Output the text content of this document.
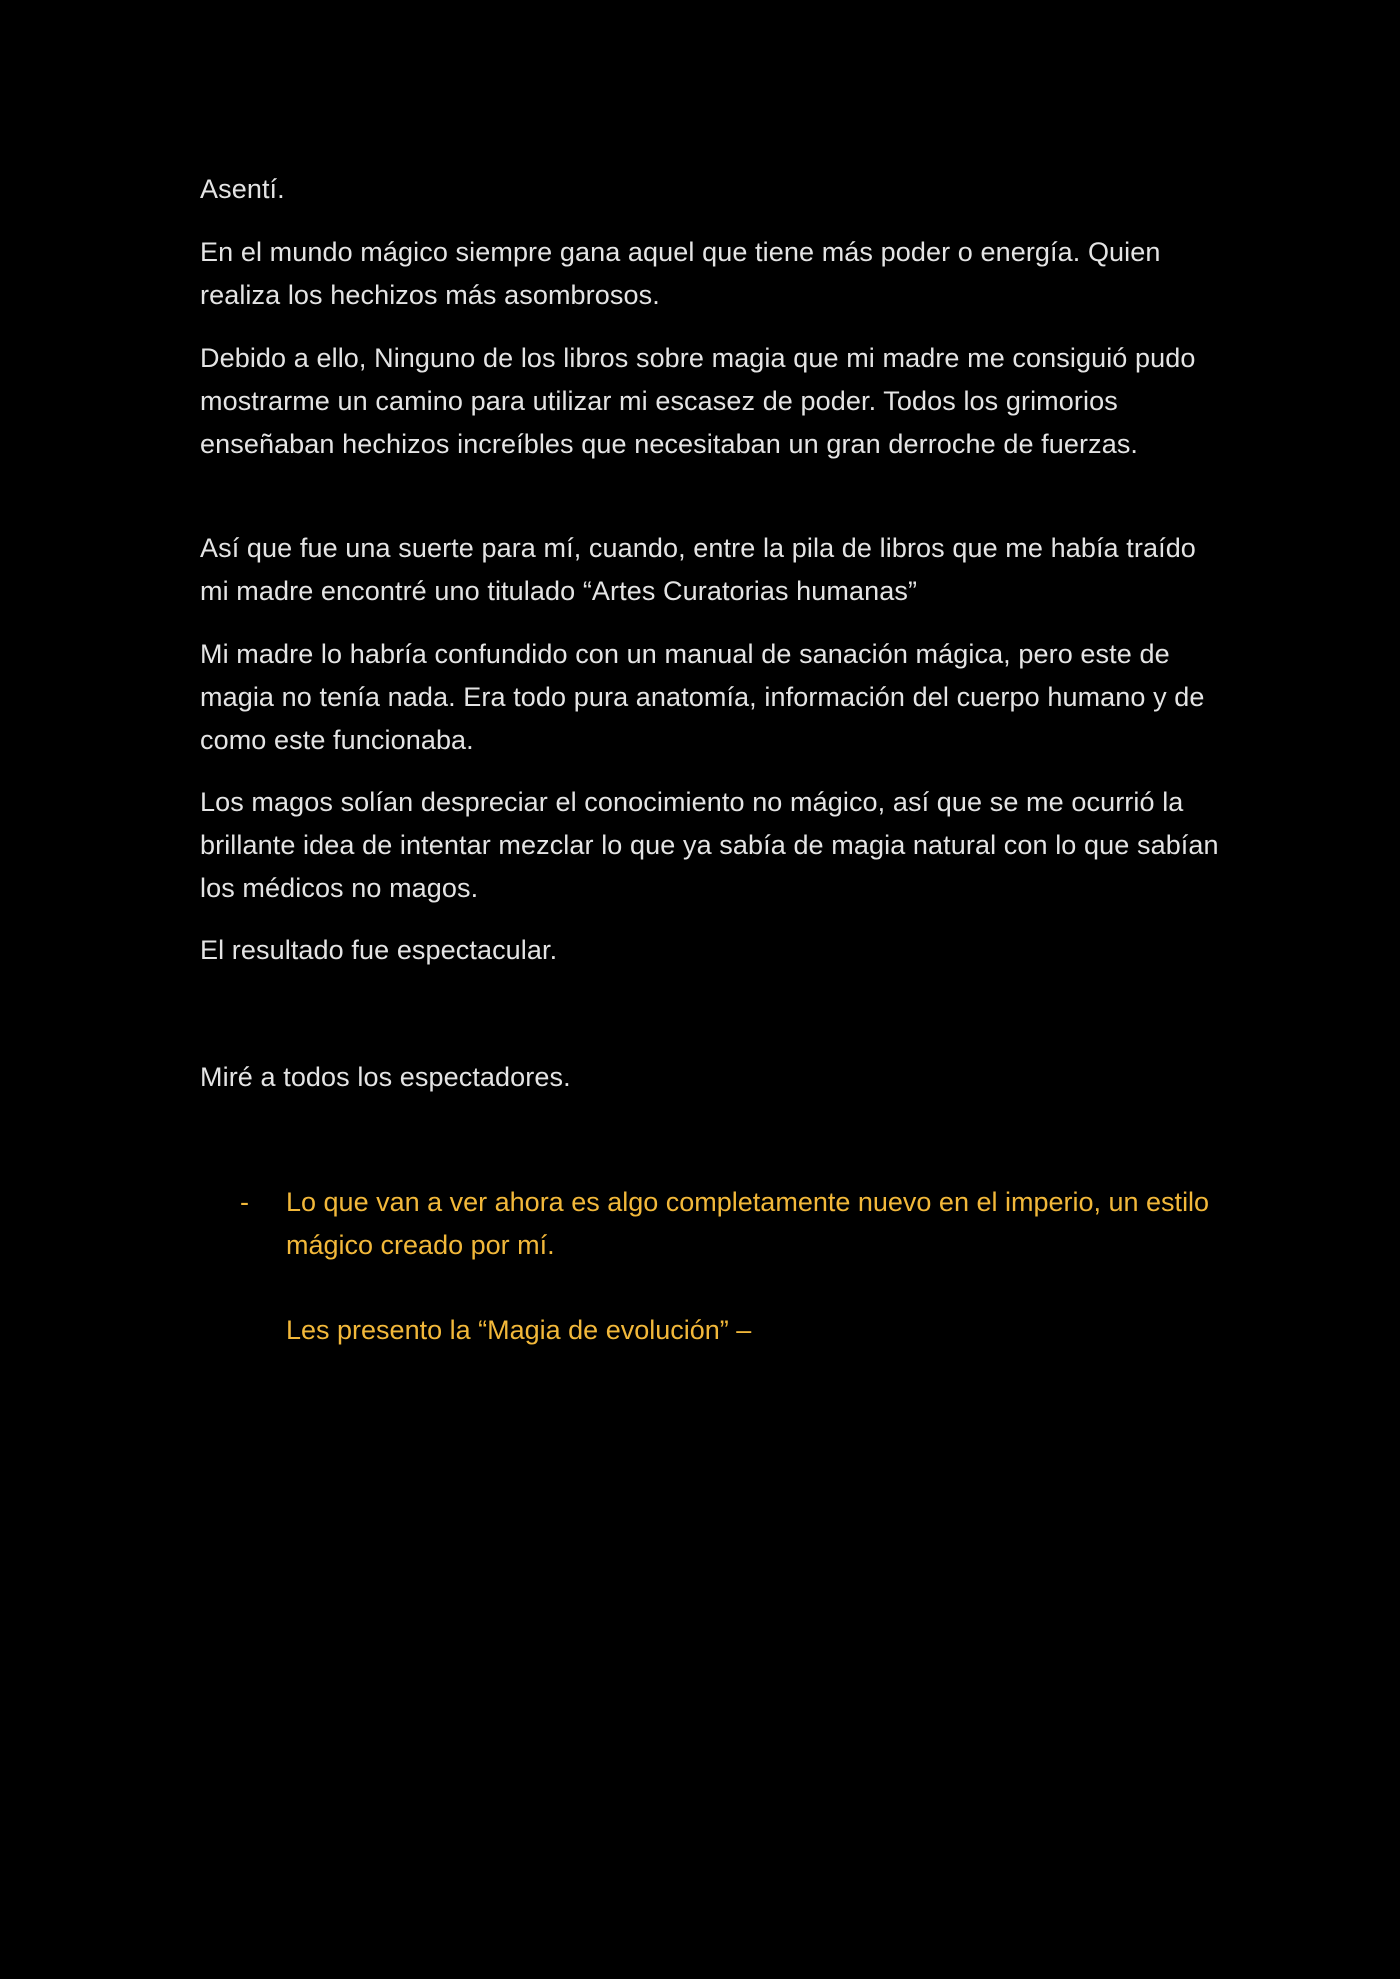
Asentí.

En el mundo mágico siempre gana aquel que tiene más poder o energía. Quien realiza los hechizos más asombrosos.

Debido a ello, Ninguno de los libros sobre magia que mi madre me consiguió pudo mostrarme un camino para utilizar mi escasez de poder. Todos los grimorios enseñaban hechizos increíbles que necesitaban un gran derroche de fuerzas.

Así que fue una suerte para mí, cuando, entre la pila de libros que me había traído mi madre encontré uno titulado “Artes Curatorias humanas”

Mi madre lo habría confundido con un manual de sanación mágica, pero este de magia no tenía nada. Era todo pura anatomía, información del cuerpo humano y de como este funcionaba.

Los magos solían despreciar el conocimiento no mágico, así que se me ocurrió la brillante idea de intentar mezclar lo que ya sabía de magia natural con lo que sabían los médicos no magos.

El resultado fue espectacular.

Miré a todos los espectadores.

- Lo que van a ver ahora es algo completamente nuevo en el imperio, un estilo mágico creado por mí.
Les presento la “Magia de evolución” –
